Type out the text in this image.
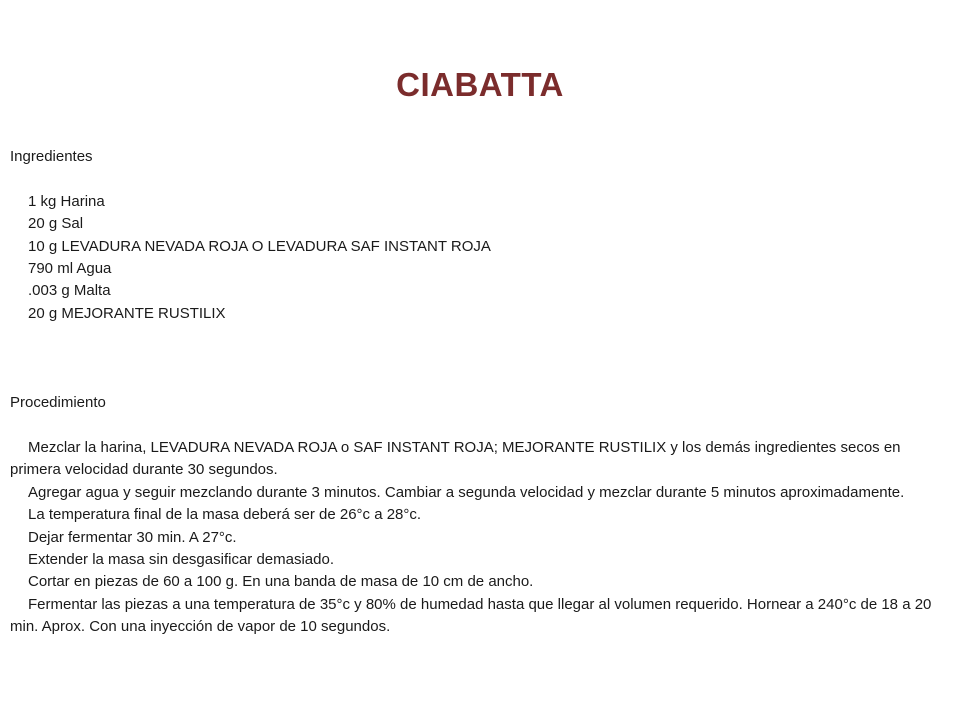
CIABATTA

Ingredientes

1 kg Harina

20 g Sal

10 g LEVADURA NEVADA ROJA O LEVADURA SAF INSTANT ROJA

790 ml Agua

.003 g Malta

20 g MEJORANTE RUSTILIX

Procedimiento

Mezclar la harina, LEVADURA NEVADA ROJA o SAF INSTANT ROJA; MEJORANTE RUSTILIX y los demás ingredientes secos en primera velocidad durante 30 segundos.

Agregar agua y seguir mezclando durante 3 minutos. Cambiar a segunda velocidad y mezclar durante 5 minutos aproximadamente.

La temperatura final de la masa deberá ser de 26°c a 28°c.

Dejar fermentar 30 min. A 27°c.

Extender la masa sin desgasificar demasiado.

Cortar en piezas de 60 a 100 g. En una banda de masa de 10 cm de ancho.

Fermentar las piezas a una temperatura de 35°c y 80% de humedad hasta que llegar al volumen requerido. Hornear a 240°c de 18 a 20 min. Aprox. Con una inyección de vapor de 10 segundos.
